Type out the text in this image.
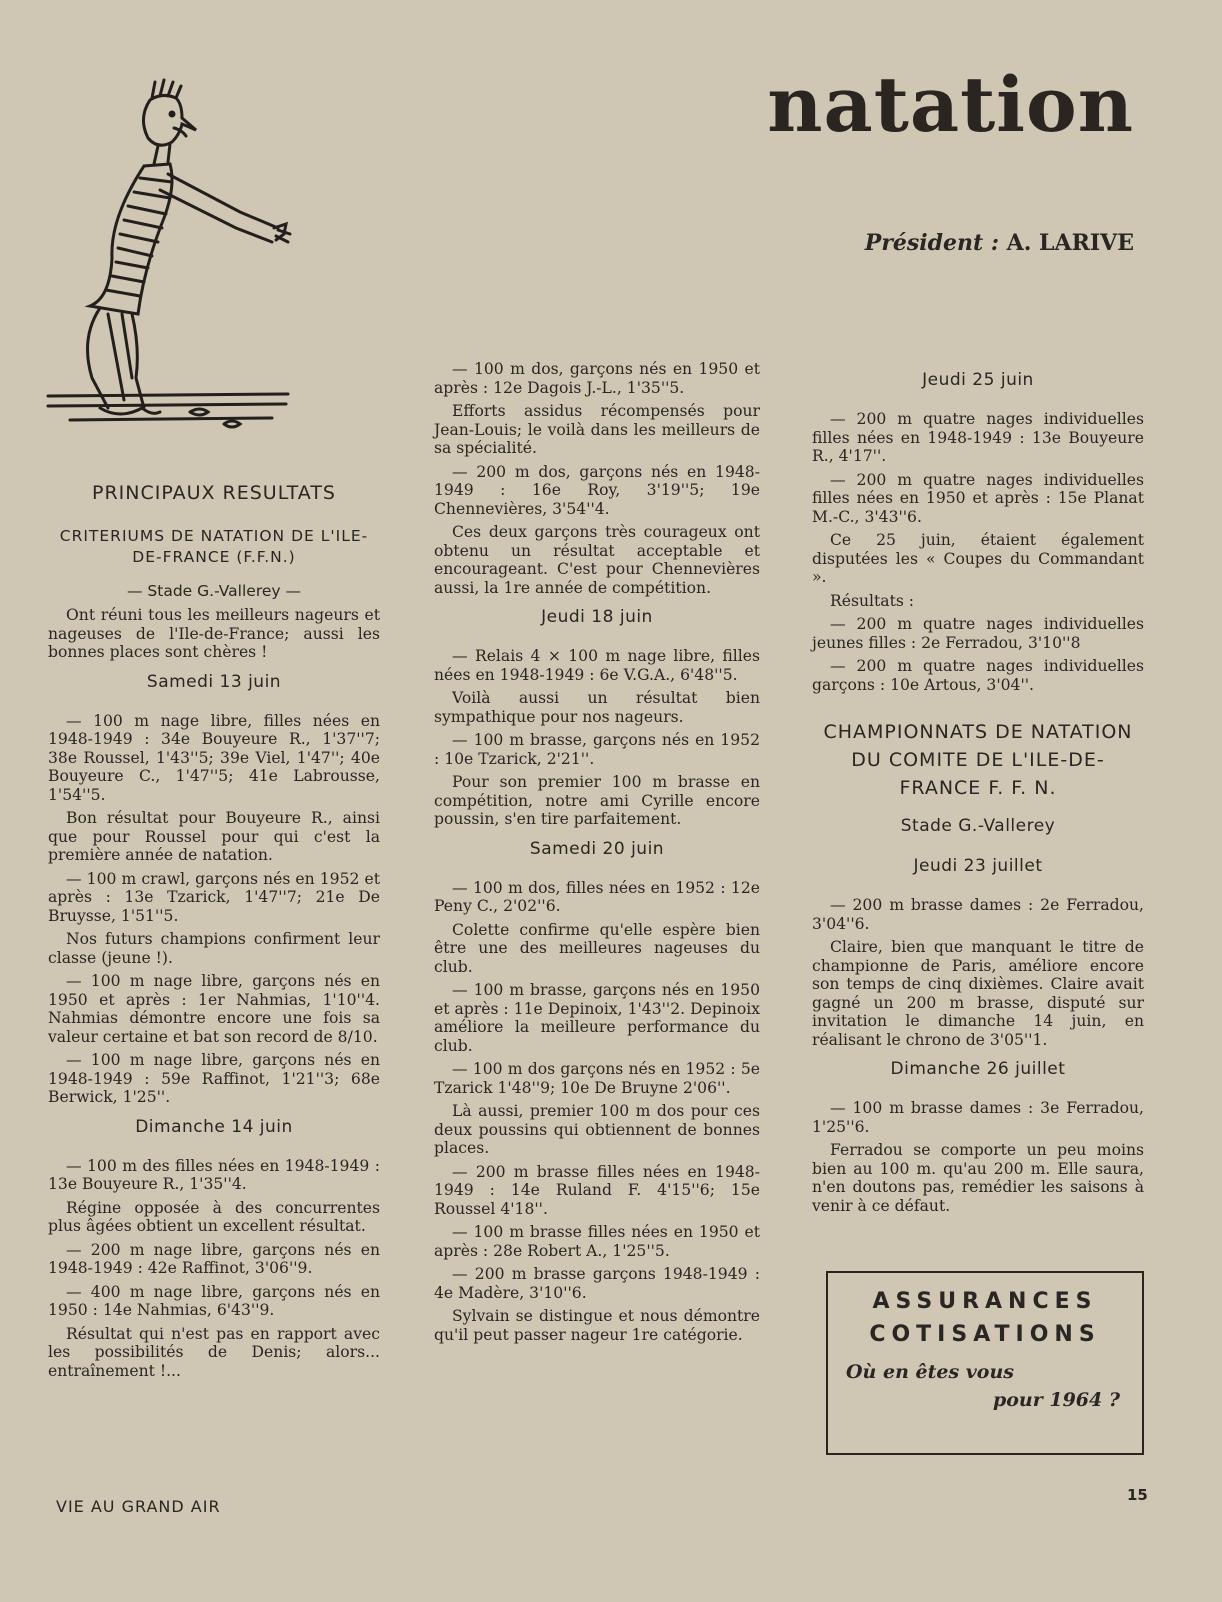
natation
Président : A. LARIVE
PRINCIPAUX RESULTATS
CRITERIUMS DE NATATION DE L'ILE-DE-FRANCE (F.F.N.)
— Stade G.-Vallerey —
Ont réuni tous les meilleurs nageurs et nageuses de l'Ile-de-France; aussi les bonnes places sont chères !
Samedi 13 juin
— 100 m nage libre, filles nées en 1948-1949 : 34e Bouyeure R., 1'37''7; 38e Roussel, 1'43''5; 39e Viel, 1'47''; 40e Bouyeure C., 1'47''5; 41e Labrousse, 1'54''5.
Bon résultat pour Bouyeure R., ainsi que pour Roussel pour qui c'est la première année de natation.
— 100 m crawl, garçons nés en 1952 et après : 13e Tzarick, 1'47''7; 21e De Bruysse, 1'51''5.
Nos futurs champions confirment leur classe (jeune !).
— 100 m nage libre, garçons nés en 1950 et après : 1er Nahmias, 1'10''4. Nahmias démontre encore une fois sa valeur certaine et bat son record de 8/10.
— 100 m nage libre, garçons nés en 1948-1949 : 59e Raffinot, 1'21''3; 68e Berwick, 1'25''.
Dimanche 14 juin
— 100 m des filles nées en 1948-1949 : 13e Bouyeure R., 1'35''4.
Régine opposée à des concurrentes plus âgées obtient un excellent résultat.
— 200 m nage libre, garçons nés en 1948-1949 : 42e Raffinot, 3'06''9.
— 400 m nage libre, garçons nés en 1950 : 14e Nahmias, 6'43''9.
Résultat qui n'est pas en rapport avec les possibilités de Denis; alors... entraînement !...
— 100 m dos, garçons nés en 1950 et après : 12e Dagois J.-L., 1'35''5.
Efforts assidus récompensés pour Jean-Louis; le voilà dans les meilleurs de sa spécialité.
— 200 m dos, garçons nés en 1948-1949 : 16e Roy, 3'19''5; 19e Chennevières, 3'54''4.
Ces deux garçons très courageux ont obtenu un résultat acceptable et encourageant. C'est pour Chennevières aussi, la 1re année de compétition.
Jeudi 18 juin
— Relais 4 × 100 m nage libre, filles nées en 1948-1949 : 6e V.G.A., 6'48''5.
Voilà aussi un résultat bien sympathique pour nos nageurs.
— 100 m brasse, garçons nés en 1952 : 10e Tzarick, 2'21''.
Pour son premier 100 m brasse en compétition, notre ami Cyrille encore poussin, s'en tire parfaitement.
Samedi 20 juin
— 100 m dos, filles nées en 1952 : 12e Peny C., 2'02''6.
Colette confirme qu'elle espère bien être une des meilleures nageuses du club.
— 100 m brasse, garçons nés en 1950 et après : 11e Depinoix, 1'43''2. Depinoix améliore la meilleure performance du club.
— 100 m dos garçons nés en 1952 : 5e Tzarick 1'48''9; 10e De Bruyne 2'06''.
Là aussi, premier 100 m dos pour ces deux poussins qui obtiennent de bonnes places.
— 200 m brasse filles nées en 1948-1949 : 14e Ruland F. 4'15''6; 15e Roussel 4'18''.
— 100 m brasse filles nées en 1950 et après : 28e Robert A., 1'25''5.
— 200 m brasse garçons 1948-1949 : 4e Madère, 3'10''6.
Sylvain se distingue et nous démontre qu'il peut passer nageur 1re catégorie.
Jeudi 25 juin
— 200 m quatre nages individuelles filles nées en 1948-1949 : 13e Bouyeure R., 4'17''.
— 200 m quatre nages individuelles filles nées en 1950 et après : 15e Planat M.-C., 3'43''6.
Ce 25 juin, étaient également disputées les « Coupes du Commandant ».
Résultats :
— 200 m quatre nages individuelles jeunes filles : 2e Ferradou, 3'10''8
— 200 m quatre nages individuelles garçons : 10e Artous, 3'04''.
CHAMPIONNATS DE NATATION DU COMITE DE L'ILE-DE-FRANCE F. F. N.
Stade G.-Vallerey
Jeudi 23 juillet
— 200 m brasse dames : 2e Ferradou, 3'04''6.
Claire, bien que manquant le titre de championne de Paris, améliore encore son temps de cinq dixièmes. Claire avait gagné un 200 m brasse, disputé sur invitation le dimanche 14 juin, en réalisant le chrono de 3'05''1.
Dimanche 26 juillet
— 100 m brasse dames : 3e Ferradou, 1'25''6.
Ferradou se comporte un peu moins bien au 100 m. qu'au 200 m. Elle saura, n'en doutons pas, remédier les saisons à venir à ce défaut.
ASSURANCES
COTISATIONS
Où en êtes vous
pour 1964 ?
VIE AU GRAND AIR
15
